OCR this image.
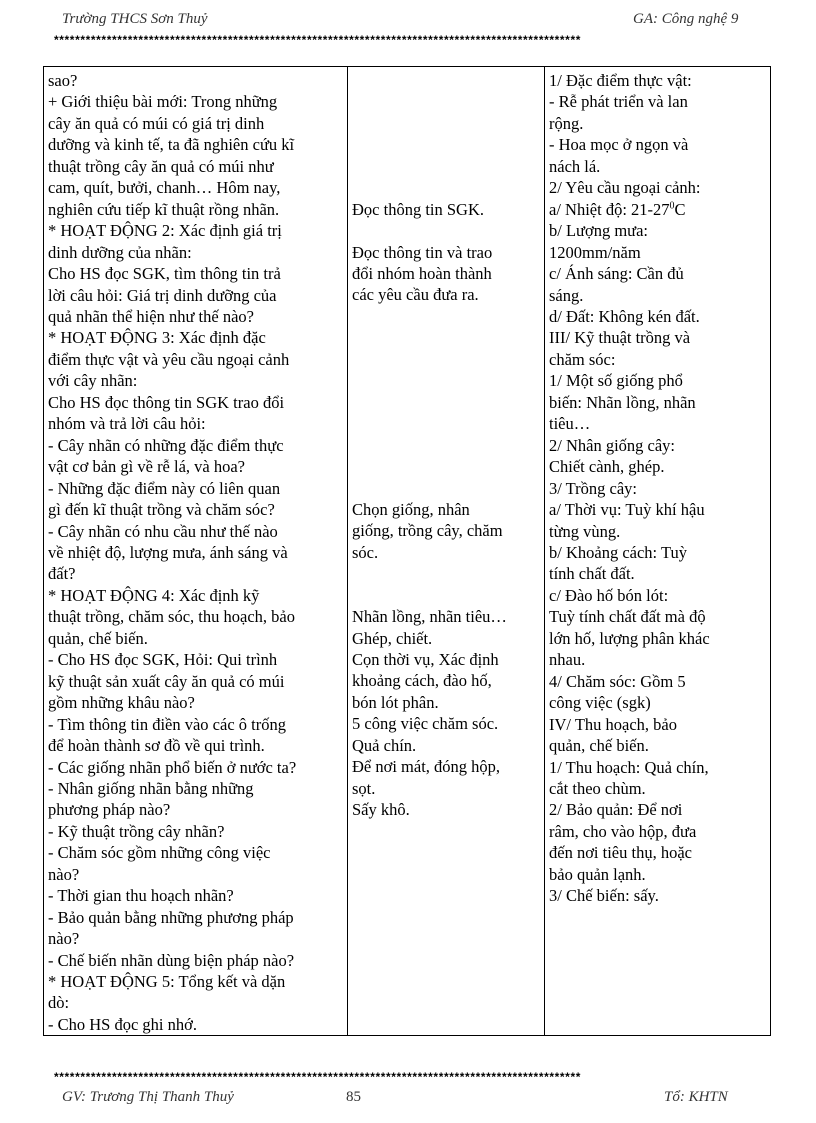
Trường THCS Sơn Thuỷ	GA: Công nghệ 9
****************************************************************************************************
sao?
+ Giới thiệu bài mới: Trong những
cây ăn quả có múi có giá trị dinh
dưỡng và kinh tế, ta đã nghiên cứu kĩ
thuật trồng cây ăn quả có múi như
cam, quít, bưởi, chanh… Hôm nay,
nghiên cứu tiếp kĩ thuật rồng nhãn.
* HOẠT ĐỘNG 2: Xác định giá trị
dinh dưỡng của nhãn:
Cho HS đọc SGK, tìm thông tin trả
lời câu hỏi: Giá trị dinh dưỡng của
quả nhãn thể hiện như thế nào?
* HOẠT ĐỘNG 3: Xác định đặc
điểm thực vật và yêu cầu ngoại cảnh
với cây nhãn:
Cho HS đọc thông tin SGK trao đổi
nhóm và trả lời câu hỏi:
- Cây nhãn có những đặc điểm thực
vật cơ bản gì về rễ lá, và hoa?
- Những đặc điểm này có liên quan
gì đến kĩ thuật trồng và chăm sóc?
- Cây nhãn có nhu cầu như thế nào
về nhiệt độ, lượng mưa, ánh sáng và
đất?
* HOẠT ĐỘNG 4: Xác định kỹ
thuật trồng, chăm sóc, thu hoạch, bảo
quản, chế biến.
- Cho HS đọc SGK, Hỏi: Qui trình
kỹ thuật sản xuất cây ăn quả có múi
gồm những khâu nào?
- Tìm thông tin điền vào các ô trống
để hoàn thành sơ đồ về qui trình.
- Các giống nhãn phổ biến ở nước ta?
- Nhân giống nhãn bằng những
phương pháp nào?
- Kỹ thuật trồng cây nhãn?
- Chăm sóc gồm những công việc
nào?
- Thời gian thu hoạch nhãn?
- Bảo quản bằng những phương pháp
nào?
- Chế biến nhãn dùng biện pháp nào?
* HOẠT ĐỘNG 5: Tổng kết và dặn
dò:
- Cho HS đọc ghi nhớ.

Đọc thông tin SGK.
Đọc thông tin và trao
đổi nhóm hoàn thành
các yêu cầu đưa ra.
Chọn giống, nhân
giống, trồng cây, chăm
sóc.
Nhãn lồng, nhãn tiêu…
Ghép, chiết.
Cọn thời vụ, Xác định
khoảng cách, đào hố,
bón lót phân.
5 công việc chăm sóc.
Quả chín.
Để nơi mát, đóng hộp,
sọt.
Sấy khô.

1/ Đặc điểm thực vật:
- Rễ phát triển và lan
rộng.
- Hoa mọc ở ngọn và
nách lá.
2/ Yêu cầu ngoại cảnh:
a/ Nhiệt độ: $21-27^0C$
b/ Lượng mưa:
1200mm/năm
c/ Ánh sáng: Cần đủ
sáng.
d/ Đất: Không kén đất.
III/ Kỹ thuật trồng và
chăm sóc:
1/ Một số giống phổ
biến: Nhãn lồng, nhãn
tiêu…
2/ Nhân giống cây:
Chiết cành, ghép.
3/ Trồng cây:
a/ Thời vụ: Tuỳ khí hậu
từng vùng.
b/ Khoảng cách: Tuỳ
tính chất đất.
c/ Đào hố bón lót:
Tuỳ tính chất đất mà độ
lớn hố, lượng phân khác
nhau.
4/ Chăm sóc: Gồm 5
công việc (sgk)
IV/ Thu hoạch, bảo
quản, chế biến.
1/ Thu hoạch: Quả chín,
cắt theo chùm.
2/ Bảo quản: Để nơi
râm, cho vào hộp, đưa
đến nơi tiêu thụ, hoặc
bảo quản lạnh.
3/ Chế biến: sấy.
****************************************************************************************************
GV: Trương Thị Thanh Thuỷ	85	Tổ: KHTN
